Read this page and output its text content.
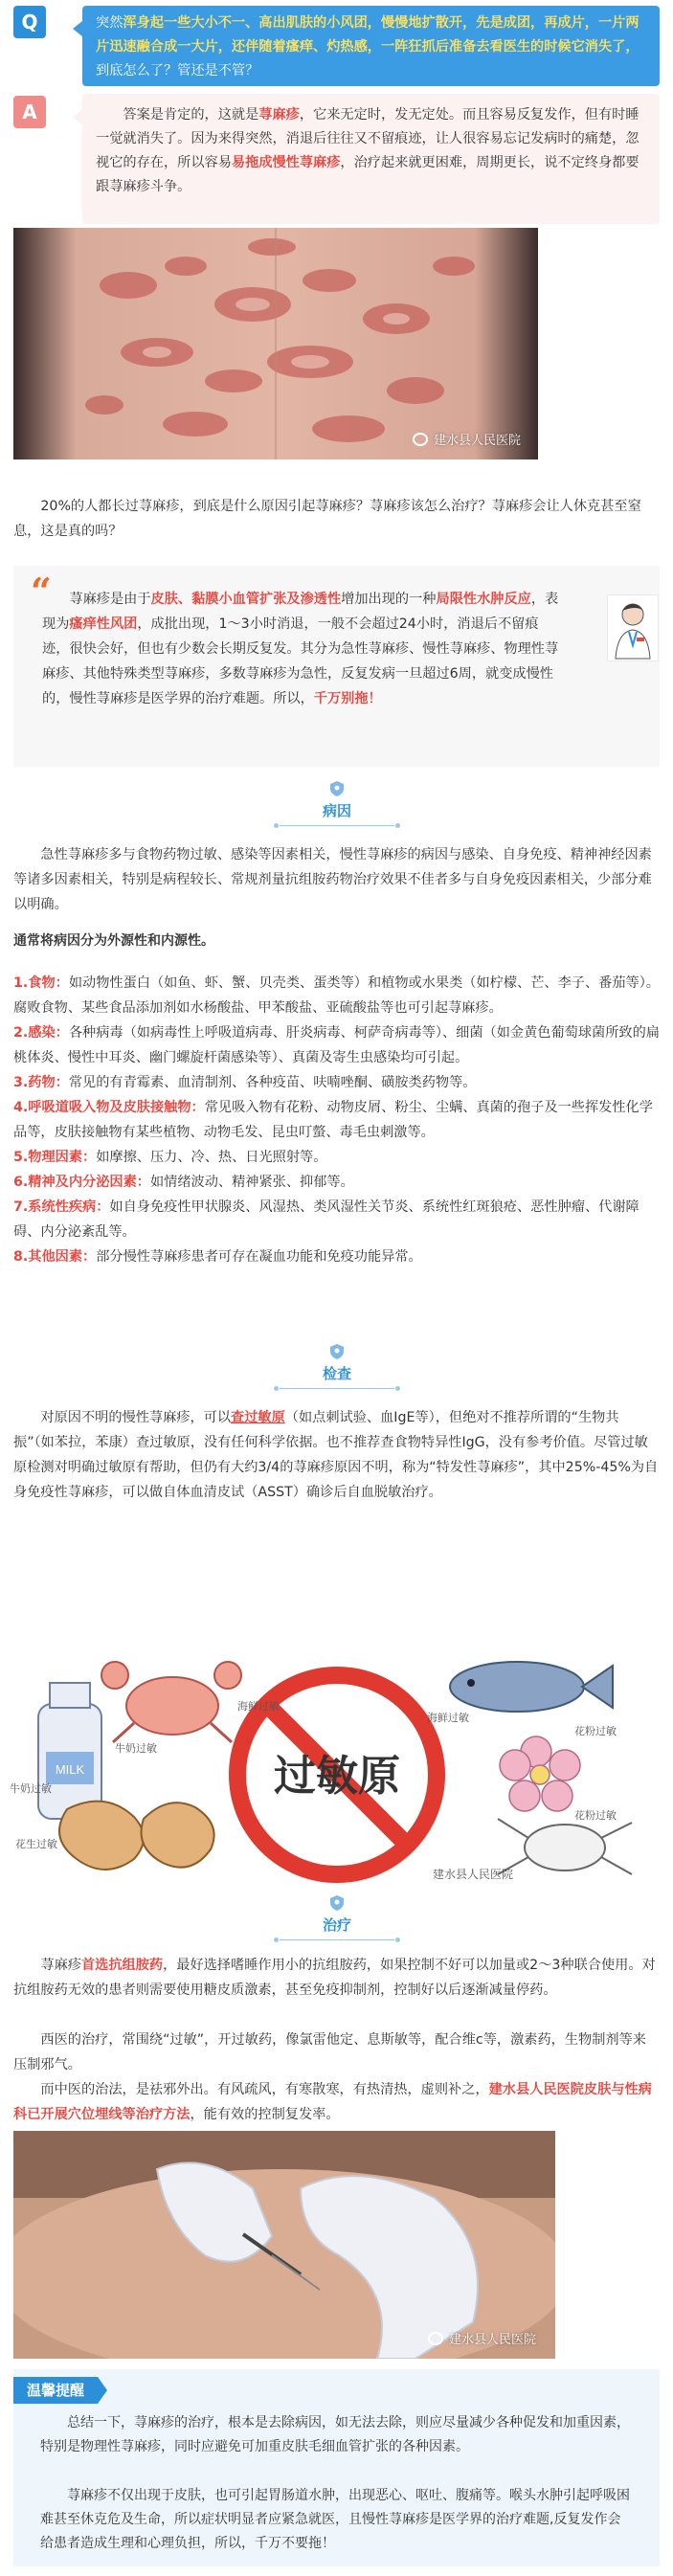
Q	突然浑身起一些大小不一、高出肌肤的小风团，慢慢地扩散开，先是成团，再成片，一片两片迅速融合成一大片，还伴随着瘙痒、灼热感，一阵狂抓后准备去看医生的时候它消失了，到底怎么了？管还是不管？
A	答案是肯定的，这就是荨麻疹，它来无定时，发无定处。而且容易反复发作，但有时睡一觉就消失了。因为来得突然，消退后往往又不留痕迹，让人很容易忘记发病时的痛楚，忽视它的存在，所以容易易拖成慢性荨麻疹，治疗起来就更困难，周期更长，说不定终身都要跟荨麻疹斗争。
建水县人民医院
20%的人都长过荨麻疹，到底是什么原因引起荨麻疹？荨麻疹该怎么治疗？荨麻疹会让人休克甚至窒息，这是真的吗？
“	荨麻疹是由于皮肤、黏膜小血管扩张及渗透性增加出现的一种局限性水肿反应，表现为瘙痒性风团，成批出现，1～3小时消退，一般不会超过24小时，消退后不留痕迹，很快会好，但也有少数会长期反复发。其分为急性荨麻疹、慢性荨麻疹、物理性荨麻疹、其他特殊类型荨麻疹，多数荨麻疹为急性，反复发病一旦超过6周，就变成慢性的，慢性荨麻疹是医学界的治疗难题。所以，千万别拖！
病因
急性荨麻疹多与食物药物过敏、感染等因素相关，慢性荨麻疹的病因与感染、自身免疫、精神神经因素等诸多因素相关，特别是病程较长、常规剂量抗组胺药物治疗效果不佳者多与自身免疫因素相关，少部分难以明确。
通常将病因分为外源性和内源性。
1.食物：如动物性蛋白（如鱼、虾、蟹、贝壳类、蛋类等）和植物或水果类（如柠檬、芒、李子、番茄等）。腐败食物、某些食品添加剂如水杨酸盐、甲苯酸盐、亚硫酸盐等也可引起荨麻疹。
2.感染：各种病毒（如病毒性上呼吸道病毒、肝炎病毒、柯萨奇病毒等）、细菌（如金黄色葡萄球菌所致的扁桃体炎、慢性中耳炎、幽门螺旋杆菌感染等）、真菌及寄生虫感染均可引起。
3.药物：常见的有青霉素、血清制剂、各种疫苗、呋喃唑酮、磺胺类药物等。
4.呼吸道吸入物及皮肤接触物：常见吸入物有花粉、动物皮屑、粉尘、尘螨、真菌的孢子及一些挥发性化学品等，皮肤接触物有某些植物、动物毛发、昆虫叮螫、毒毛虫刺激等。
5.物理因素：如摩擦、压力、冷、热、日光照射等。
6.精神及内分泌因素：如情绪波动、精神紧张、抑郁等。
7.系统性疾病：如自身免疫性甲状腺炎、风湿热、类风湿性关节炎、系统性红斑狼疮、恶性肿瘤、代谢障碍、内分泌紊乱等。
8.其他因素：部分慢性荨麻疹患者可存在凝血功能和免疫功能异常。
检查
对原因不明的慢性荨麻疹，可以查过敏原（如点刺试验、血IgE等），但绝对不推荐所谓的“生物共振”（如苯拉，苯康）查过敏原，没有任何科学依据。也不推荐查食物特异性IgG，没有参考价值。尽管过敏原检测对明确过敏原有帮助，但仍有大约3/4的荨麻疹原因不明，称为“特发性荨麻疹”，其中25%-45%为自身免疫性荨麻疹，可以做自体血清皮试（ASST）确诊后自血脱敏治疗。
MILK	过敏原
牛奶过敏
海鲜过敏
海鲜过敏
牛奶过敏
花粉过敏
花粉过敏
花生过敏
建水县人民医院
治疗
荨麻疹首选抗组胺药，最好选择嗜睡作用小的抗组胺药，如果控制不好可以加量或2～3种联合使用。对抗组胺药无效的患者则需要使用糖皮质激素，甚至免疫抑制剂，控制好以后逐渐减量停药。
西医的治疗，常围绕“过敏”，开过敏药，像氯雷他定、息斯敏等，配合维c等，激素药，生物制剂等来压制邪气。
而中医的治法，是祛邪外出。有风疏风，有寒散寒，有热清热，虚则补之，建水县人民医院皮肤与性病科已开展穴位埋线等治疗方法，能有效的控制复发率。
建水县人民医院
温馨提醒
总结一下，荨麻疹的治疗，根本是去除病因，如无法去除，则应尽量减少各种促发和加重因素，特别是物理性荨麻疹，同时应避免可加重皮肤毛细血管扩张的各种因素。
荨麻疹不仅出现于皮肤，也可引起胃肠道水肿，出现恶心、呕吐、腹痛等。喉头水肿引起呼吸困难甚至休克危及生命，所以症状明显者应紧急就医，且慢性荨麻疹是医学界的治疗难题,反复发作会给患者造成生理和心理负担，所以，千万不要拖！
